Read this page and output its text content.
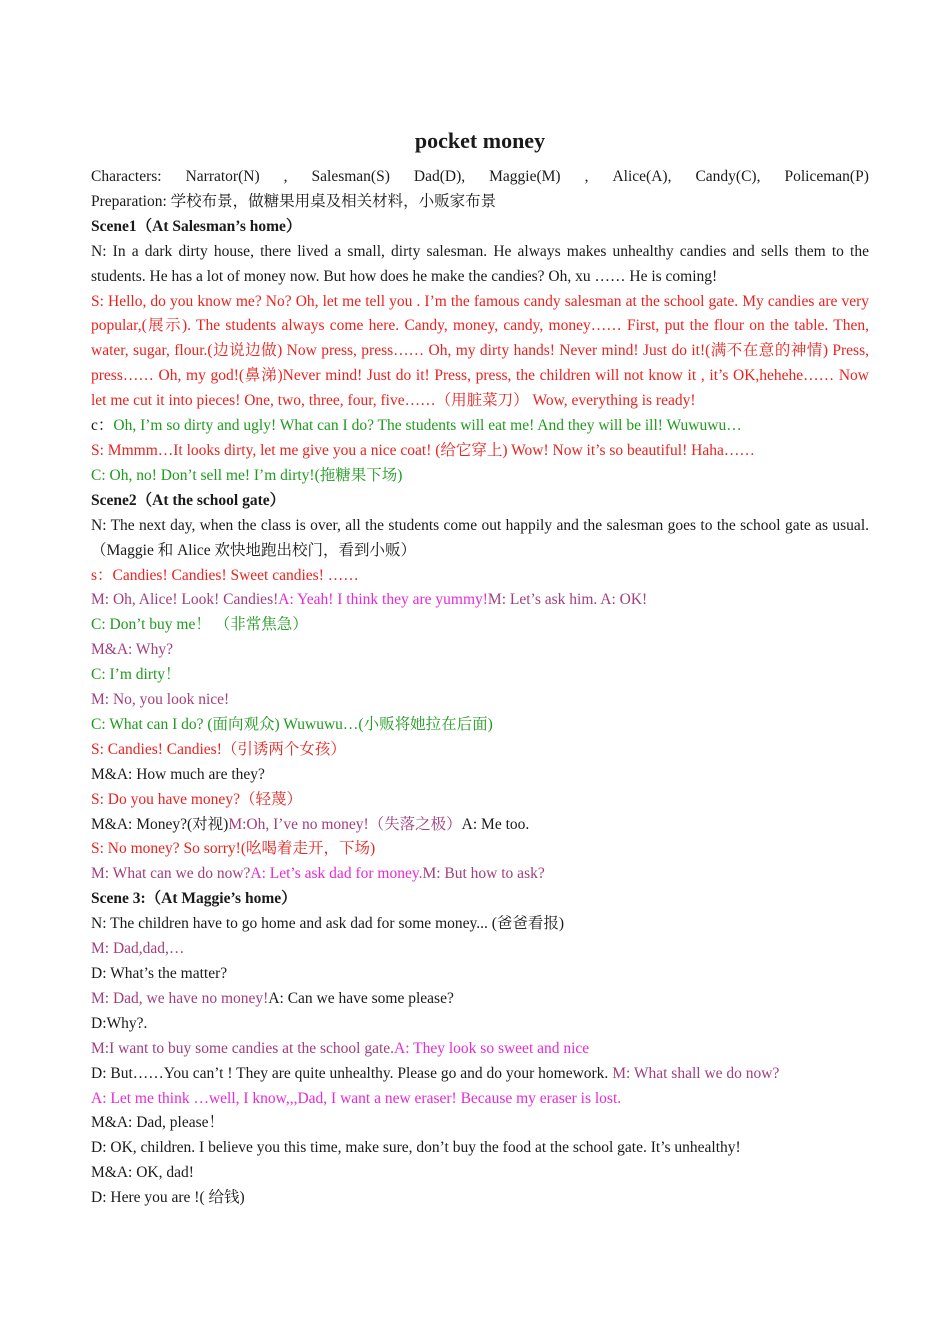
pocket money

Characters: Narrator(N) , Salesman(S) Dad(D), Maggie(M) , Alice(A), Candy(C), Policeman(P)

Preparation: 学校布景，做糖果用桌及相关材料，小贩家布景

Scene1（At Salesman’s home）

N: In a dark dirty house, there lived a small, dirty salesman. He always makes unhealthy candies and sells them to the students. He has a lot of money now. But how does he make the candies? Oh, xu …… He is coming!

S: Hello, do you know me? No? Oh, let me tell you . I’m the famous candy salesman at the school gate. My candies are very popular,(展示). The students always come here. Candy, money, candy, money…… First, put the flour on the table. Then, water, sugar, flour.(边说边做) Now press, press…… Oh, my dirty hands! Never mind! Just do it!(满不在意的神情) Press, press…… Oh, my god!(鼻涕)Never mind! Just do it! Press, press, the children will not know it , it’s OK,hehehe…… Now let me cut it into pieces! One, two, three, four, five……（用脏菜刀） Wow, everything is ready!

c：Oh, I’m so dirty and ugly! What can I do? The students will eat me! And they will be ill! Wuwuwu…

S: Mmmm…It looks dirty, let me give you a nice coat! (给它穿上) Wow! Now it’s so beautiful! Haha……

C: Oh, no! Don’t sell me! I’m dirty!(拖糖果下场)

Scene2（At the school gate）

N: The next day, when the class is over, all the students come out happily and the salesman goes to the school gate as usual. （Maggie 和 Alice 欢快地跑出校门，看到小贩）

s：Candies! Candies! Sweet candies! ……

M: Oh, Alice! Look! Candies!A: Yeah! I think they are yummy!M: Let’s ask him. A: OK!

C: Don’t buy me！ （非常焦急）

M&A: Why?

C: I’m dirty！

M: No, you look nice!

C: What can I do? (面向观众) Wuwuwu…(小贩将她拉在后面)

S: Candies! Candies!（引诱两个女孩）

M&A: How much are they?

S: Do you have money?（轻蔑）

M&A: Money?(对视)M:Oh, I’ve no money!（失落之极）A: Me too.

S: No money? So sorry!(吆喝着走开，下场)

M: What can we do now?A: Let’s ask dad for money.M: But how to ask?

Scene 3:（At Maggie’s home）

N: The children have to go home and ask dad for some money... (爸爸看报)

M: Dad,dad,…

D: What’s the matter?

M: Dad, we have no money!A: Can we have some please?

D:Why?.

M:I want to buy some candies at the school gate.A: They look so sweet and nice

D: But……You can’t ! They are quite unhealthy. Please go and do your homework. M: What shall we do now?

A: Let me think …well, I know,,,Dad, I want a new eraser! Because my eraser is lost.

M&A: Dad, please！

D: OK, children. I believe you this time, make sure, don’t buy the food at the school gate. It’s unhealthy!

M&A: OK, dad!

D: Here you are !( 给钱)
